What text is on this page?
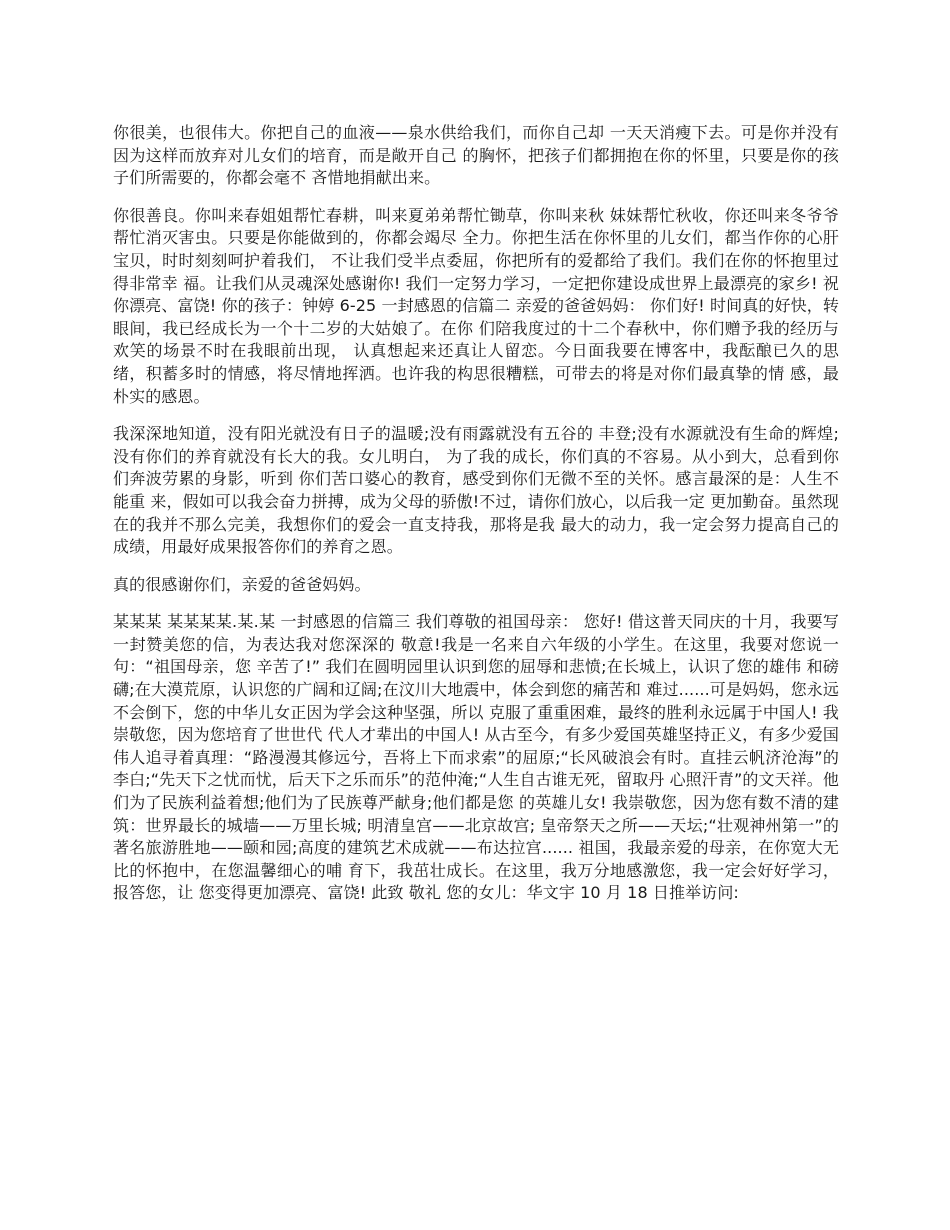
你很美，也很伟大。你把自己的血液——泉水供给我们，而你自己却 一天天消瘦下去。可是你并没有因为这样而放弃对儿女们的培育，而是敞开自己 的胸怀，把孩子们都拥抱在你的怀里，只要是你的孩子们所需要的，你都会毫不 吝惜地捐献出来。

你很善良。你叫来春姐姐帮忙春耕，叫来夏弟弟帮忙锄草，你叫来秋 妹妹帮忙秋收，你还叫来冬爷爷帮忙消灭害虫。只要是你能做到的，你都会竭尽 全力。你把生活在你怀里的儿女们，都当作你的心肝宝贝，时时刻刻呵护着我们， 不让我们受半点委屈，你把所有的爱都给了我们。我们在你的怀抱里过得非常幸 福。让我们从灵魂深处感谢你! 我们一定努力学习，一定把你建设成世界上最漂亮的家乡! 祝你漂亮、富饶! 你的孩子：钟婷 6-25 一封感恩的信篇二 亲爱的爸爸妈妈： 你们好! 时间真的好快，转眼间，我已经成长为一个十二岁的大姑娘了。在你 们陪我度过的十二个春秋中，你们赠予我的经历与欢笑的场景不时在我眼前出现， 认真想起来还真让人留恋。今日面我要在博客中，我酝酿已久的思绪，积蓄多时的情感，将尽情地挥洒。也许我的构思很糟糕，可带去的将是对你们最真挚的情 感，最朴实的感恩。

我深深地知道，没有阳光就没有日子的温暖;没有雨露就没有五谷的 丰登;没有水源就没有生命的辉煌;没有你们的养育就没有长大的我。女儿明白， 为了我的成长，你们真的不容易。从小到大，总看到你们奔波劳累的身影，听到 你们苦口婆心的教育，感受到你们无微不至的关怀。感言最深的是：人生不能重 来，假如可以我会奋力拼搏，成为父母的骄傲!不过，请你们放心，以后我一定 更加勤奋。虽然现在的我并不那么完美，我想你们的爱会一直支持我，那将是我 最大的动力，我一定会努力提高自己的成绩，用最好成果报答你们的养育之恩。

真的很感谢你们，亲爱的爸爸妈妈。

某某某 某某某某.某.某 一封感恩的信篇三 我们尊敬的祖国母亲： 您好! 借这普天同庆的十月，我要写一封赞美您的信，为表达我对您深深的 敬意!我是一名来自六年级的小学生。在这里，我要对您说一句：“祖国母亲，您 辛苦了!” 我们在圆明园里认识到您的屈辱和悲愤;在长城上，认识了您的雄伟 和磅礴;在大漠荒原，认识您的广阔和辽阔;在汶川大地震中，体会到您的痛苦和 难过......可是妈妈，您永远不会倒下，您的中华儿女正因为学会这种坚强，所以 克服了重重困难，最终的胜利永远属于中国人! 我崇敬您，因为您培育了世世代 代人才辈出的中国人! 从古至今，有多少爱国英雄坚持正义，有多少爱国伟人追寻着真理：“路漫漫其修远兮，吾将上下而求索”的屈原;“长风破浪会有时。直挂云帆济沧海”的李白;“先天下之忧而忧，后天下之乐而乐”的范仲淹;“人生自古谁无死，留取丹 心照汗青”的文天祥。他们为了民族利益着想;他们为了民族尊严献身;他们都是您 的英雄儿女! 我崇敬您，因为您有数不清的建筑：世界最长的城墙——万里长城; 明清皇宫——北京故宫; 皇帝祭天之所——天坛;“壮观神州第一”的著名旅游胜地——颐和园;高度的建筑艺术成就——布达拉宫...... 祖国，我最亲爱的母亲，在你宽大无比的怀抱中，在您温馨细心的哺 育下，我茁壮成长。在这里，我万分地感激您，我一定会好好学习，报答您，让 您变得更加漂亮、富饶! 此致 敬礼 您的女儿：华文宇 10 月 18 日推举访问:
